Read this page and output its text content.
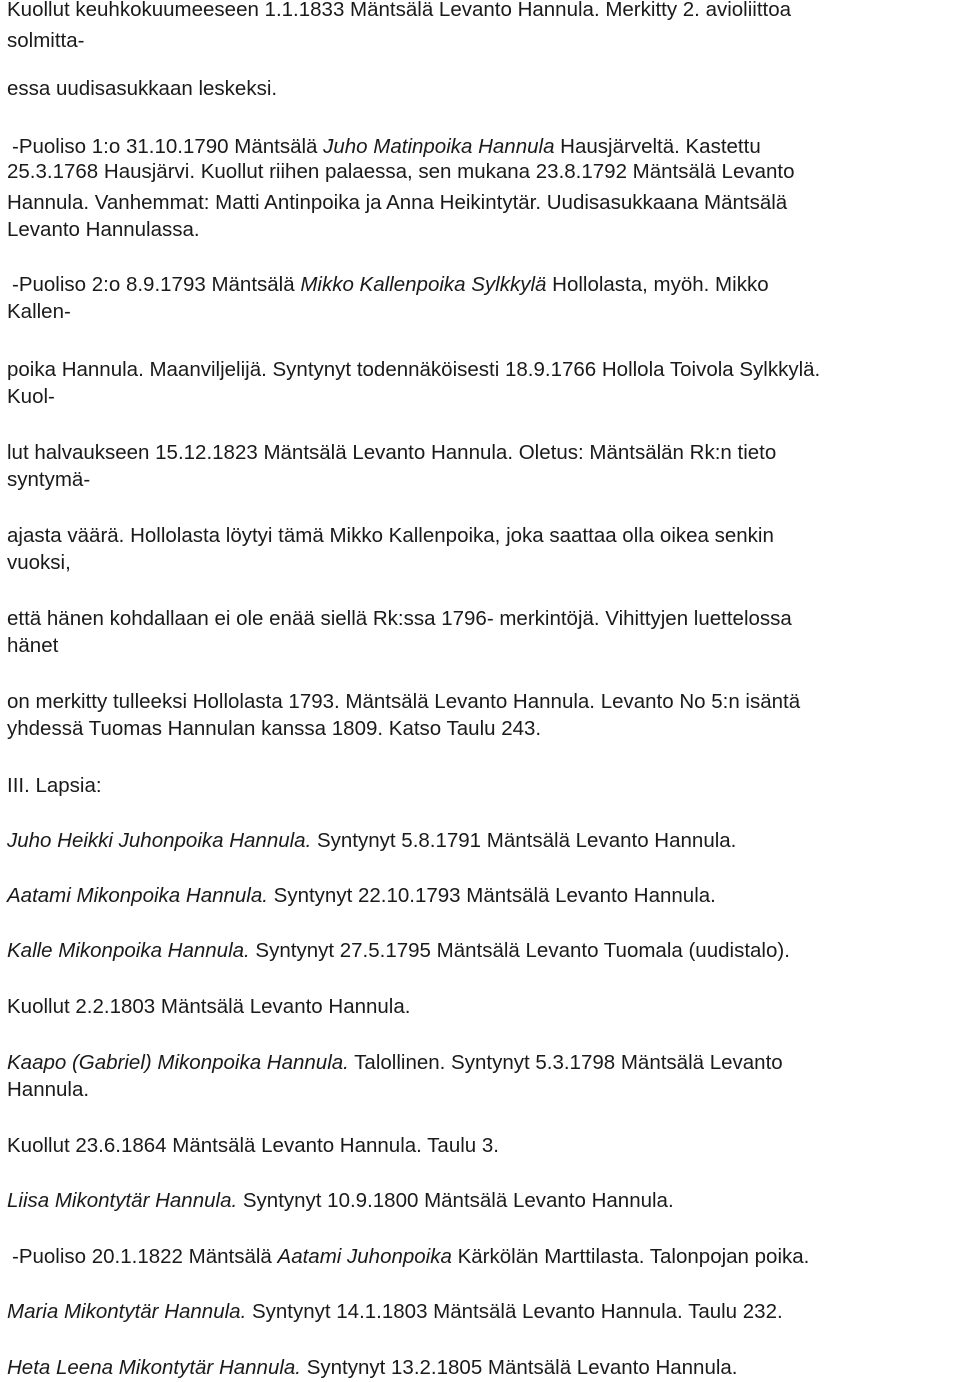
Kuollut keuhkokuumeeseen 1.1.1833 Mäntsälä Levanto Hannula. Merkitty 2. avioliittoa
solmitta-
essa uudisasukkaan leskeksi.
-Puoliso 1:o 31.10.1790 Mäntsälä Juho Matinpoika Hannula Hausjärveltä. Kastettu
25.3.1768 Hausjärvi. Kuollut riihen palaessa, sen mukana 23.8.1792 Mäntsälä Levanto
Hannula. Vanhemmat: Matti Antinpoika ja Anna Heikintytär. Uudisasukkaana Mäntsälä
Levanto Hannulassa.
-Puoliso 2:o 8.9.1793 Mäntsälä Mikko Kallenpoika Sylkkylä Hollolasta, myöh. Mikko
Kallen-
poika Hannula. Maanviljelijä. Syntynyt todennäköisesti 18.9.1766 Hollola Toivola Sylkkylä.
Kuol-
lut halvaukseen 15.12.1823 Mäntsälä Levanto Hannula. Oletus: Mäntsälän Rk:n tieto
syntymä-
ajasta väärä. Hollolasta löytyi tämä Mikko Kallenpoika, joka saattaa olla oikea senkin
vuoksi,
että hänen kohdallaan ei ole enää siellä Rk:ssa 1796- merkintöjä. Vihittyjen luettelossa
hänet
on merkitty tulleeksi Hollolasta 1793. Mäntsälä Levanto Hannula. Levanto No 5:n isäntä
yhdessä Tuomas Hannulan kanssa 1809. Katso Taulu 243.
III. Lapsia:
Juho Heikki Juhonpoika Hannula. Syntynyt 5.8.1791 Mäntsälä Levanto Hannula.
Aatami Mikonpoika Hannula. Syntynyt 22.10.1793 Mäntsälä Levanto Hannula.
Kalle Mikonpoika Hannula. Syntynyt 27.5.1795 Mäntsälä Levanto Tuomala (uudistalo).
Kuollut 2.2.1803 Mäntsälä Levanto Hannula.
Kaapo (Gabriel) Mikonpoika Hannula. Talollinen. Syntynyt 5.3.1798 Mäntsälä Levanto
Hannula.
Kuollut 23.6.1864 Mäntsälä Levanto Hannula. Taulu 3.
Liisa Mikontytär Hannula. Syntynyt 10.9.1800 Mäntsälä Levanto Hannula.
-Puoliso 20.1.1822 Mäntsälä Aatami Juhonpoika Kärkölän Marttilasta. Talonpojan poika.
Maria Mikontytär Hannula. Syntynyt 14.1.1803 Mäntsälä Levanto Hannula. Taulu 232.
Heta Leena Mikontytär Hannula. Syntynyt 13.2.1805 Mäntsälä Levanto Hannula.
